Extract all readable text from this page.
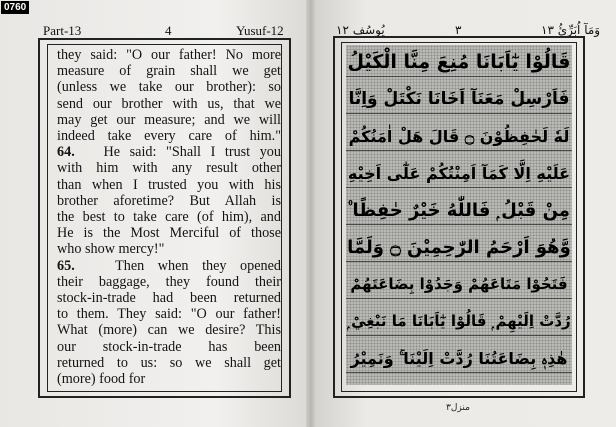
0760
Part-13	4	Yusuf-12
they said: "O our father! No more
measure of grain shall we get
(unless we take our brother): so
send our brother with us, that we
may get our measure; and we will
indeed take every care of him."
64. He said: "Shall I trust you
with him with any result other
than when I trusted you with his
brother aforetime? But Allah is
the best to take care (of him), and
He is the Most Merciful of those
who show mercy!"
65.	Then when they opened
their baggage, they found their
stock-in-trade had been returned
to them. They said: "O our father!
What (more) can we desire? This
our stock-in-trade has been
returned to us: so we shall get
(more) food for
وَمَآ اُبَرِّئُ ١٣
٣
يُوسُف ١٢
قَالُوْا يٰٓاَبَانَا مُنِعَ مِنَّا الْكَيْلُ
فَاَرْسِلْ مَعَنَآ اَخَانَا نَكْتَلْ وَاِنَّا
لَهٗ لَحٰفِظُوْنَ ۝ قَالَ هَلْ اٰمَنُكُمْ
عَلَيْهِ اِلَّا كَمَآ اَمِنْتُكُمْ عَلٰٓى اَخِيْهِ
مِنْ قَبْلُ ۭ فَاللّٰهُ خَيْرٌ حٰفِظًا ۠
وَّهُوَ اَرْحَمُ الرّٰحِمِيْنَ ۝ وَلَمَّا
فَتَحُوْا مَتَاعَهُمْ وَجَدُوْا بِضَاعَتَهُمْ
رُدَّتْ اِلَيْهِمْ ۭ قَالُوْا يٰٓاَبَانَا مَا نَبْغِيْ ۭ
هٰذِهٖ بِضَاعَتُنَا رُدَّتْ اِلَيْنَا ۚ وَنَمِيْرُ
منزل٣
